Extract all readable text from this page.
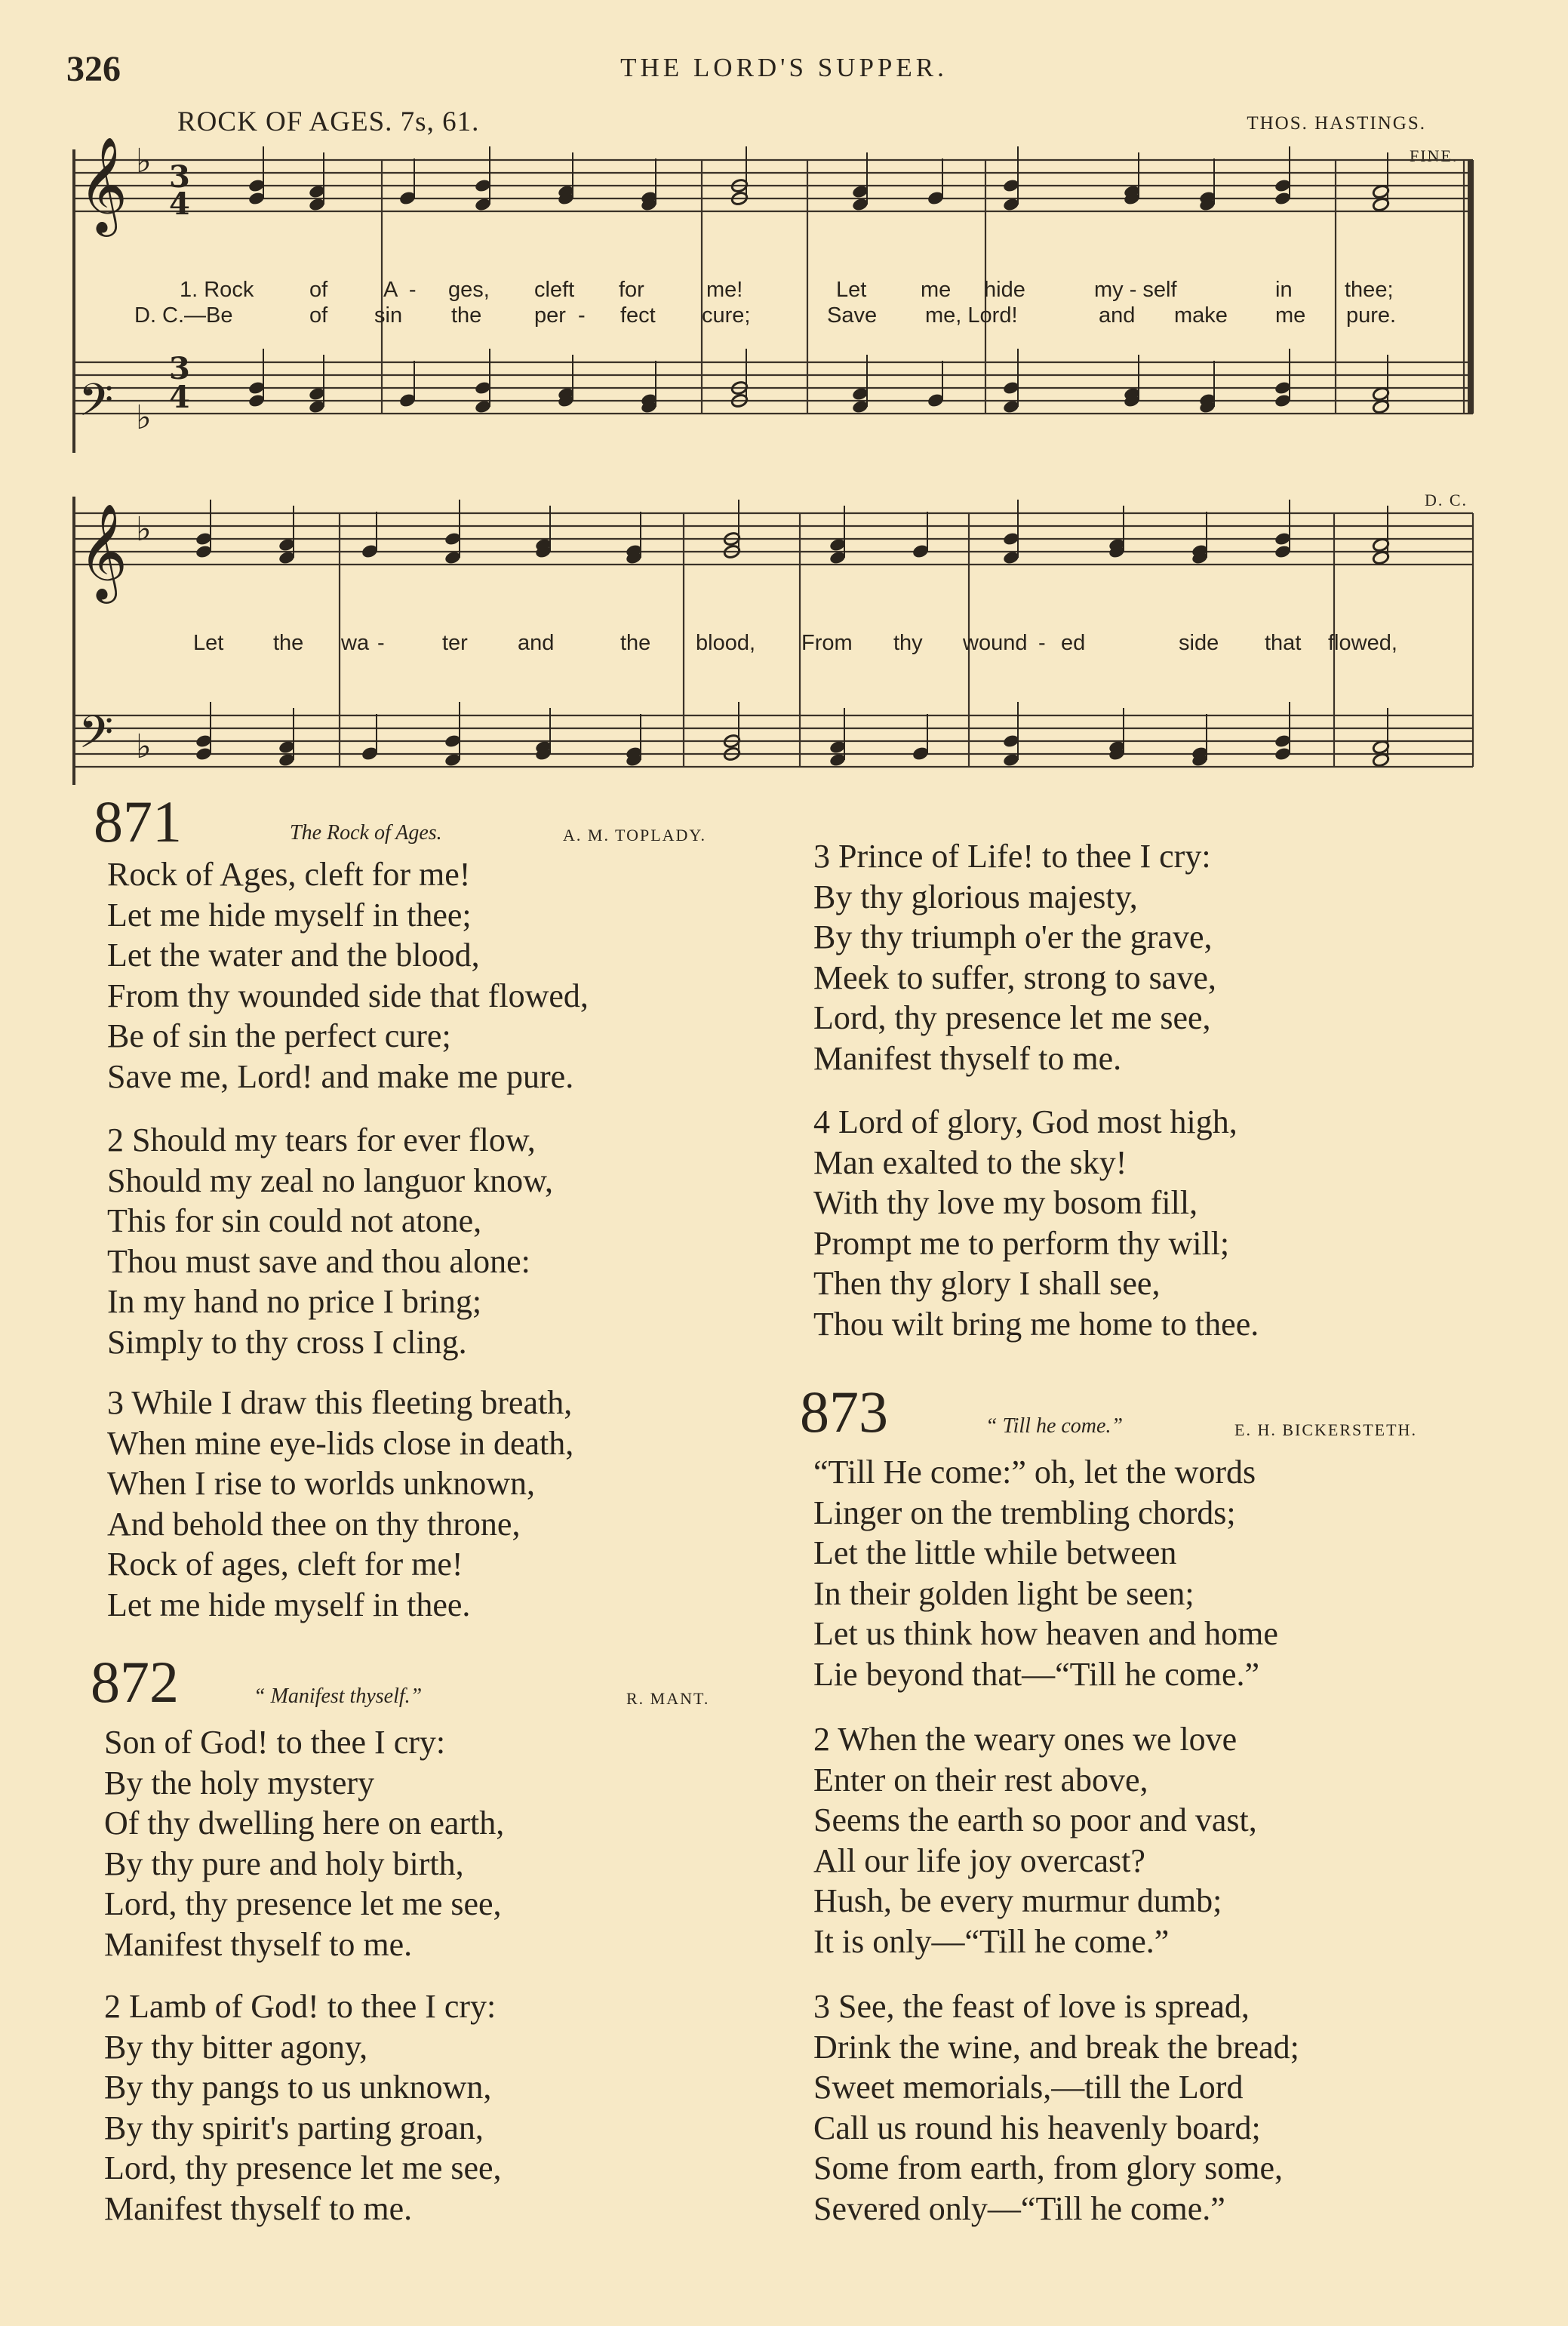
326	THE LORD'S SUPPER.
ROCK OF AGES. 7s, 61.	THOS. HASTINGS.
FINE.
D. C.
𝄞
𝄢
𝄞
𝄢
♭
♭
♭
♭
3
4
3
4
1. Rock	of	A  - ges, cleft for	me!	Let me hide	my - self	in thee;
D. C.—Be	of sin the per  - fect cure;	Save me, Lord!	and make me pure.
Let the wa -	ter and	the blood, From thy wound - ed	side that flowed,
871	The Rock of Ages.	A. M. TOPLADY.
Rock of Ages, cleft for me!
Let me hide myself in thee;
Let the water and the blood,
From thy wounded side that flowed,
Be of sin the perfect cure;
Save me, Lord! and make me pure.
2 Should my tears for ever flow,
Should my zeal no languor know,
This for sin could not atone,
Thou must save and thou alone:
In my hand no price I bring;
Simply to thy cross I cling.
3 While I draw this fleeting breath,
When mine eye-lids close in death,
When I rise to worlds unknown,
And behold thee on thy throne,
Rock of ages, cleft for me!
Let me hide myself in thee.
872	“ Manifest thyself.”	R. MANT.
Son of God! to thee I cry:
By the holy mystery
Of thy dwelling here on earth,
By thy pure and holy birth,
Lord, thy presence let me see,
Manifest thyself to me.
2 Lamb of God! to thee I cry:
By thy bitter agony,
By thy pangs to us unknown,
By thy spirit's parting groan,
Lord, thy presence let me see,
Manifest thyself to me.
3 Prince of Life! to thee I cry:
By thy glorious majesty,
By thy triumph o'er the grave,
Meek to suffer, strong to save,
Lord, thy presence let me see,
Manifest thyself to me.
4 Lord of glory, God most high,
Man exalted to the sky!
With thy love my bosom fill,
Prompt me to perform thy will;
Then thy glory I shall see,
Thou wilt bring me home to thee.
873	“ Till he come.”	E. H. BICKERSTETH.
“Till He come:” oh, let the words
Linger on the trembling chords;
Let the little while between
In their golden light be seen;
Let us think how heaven and home
Lie beyond that—“Till he come.”
2 When the weary ones we love
Enter on their rest above,
Seems the earth so poor and vast,
All our life joy overcast?
Hush, be every murmur dumb;
It is only—“Till he come.”
3 See, the feast of love is spread,
Drink the wine, and break the bread;
Sweet memorials,—till the Lord
Call us round his heavenly board;
Some from earth, from glory some,
Severed only—“Till he come.”
